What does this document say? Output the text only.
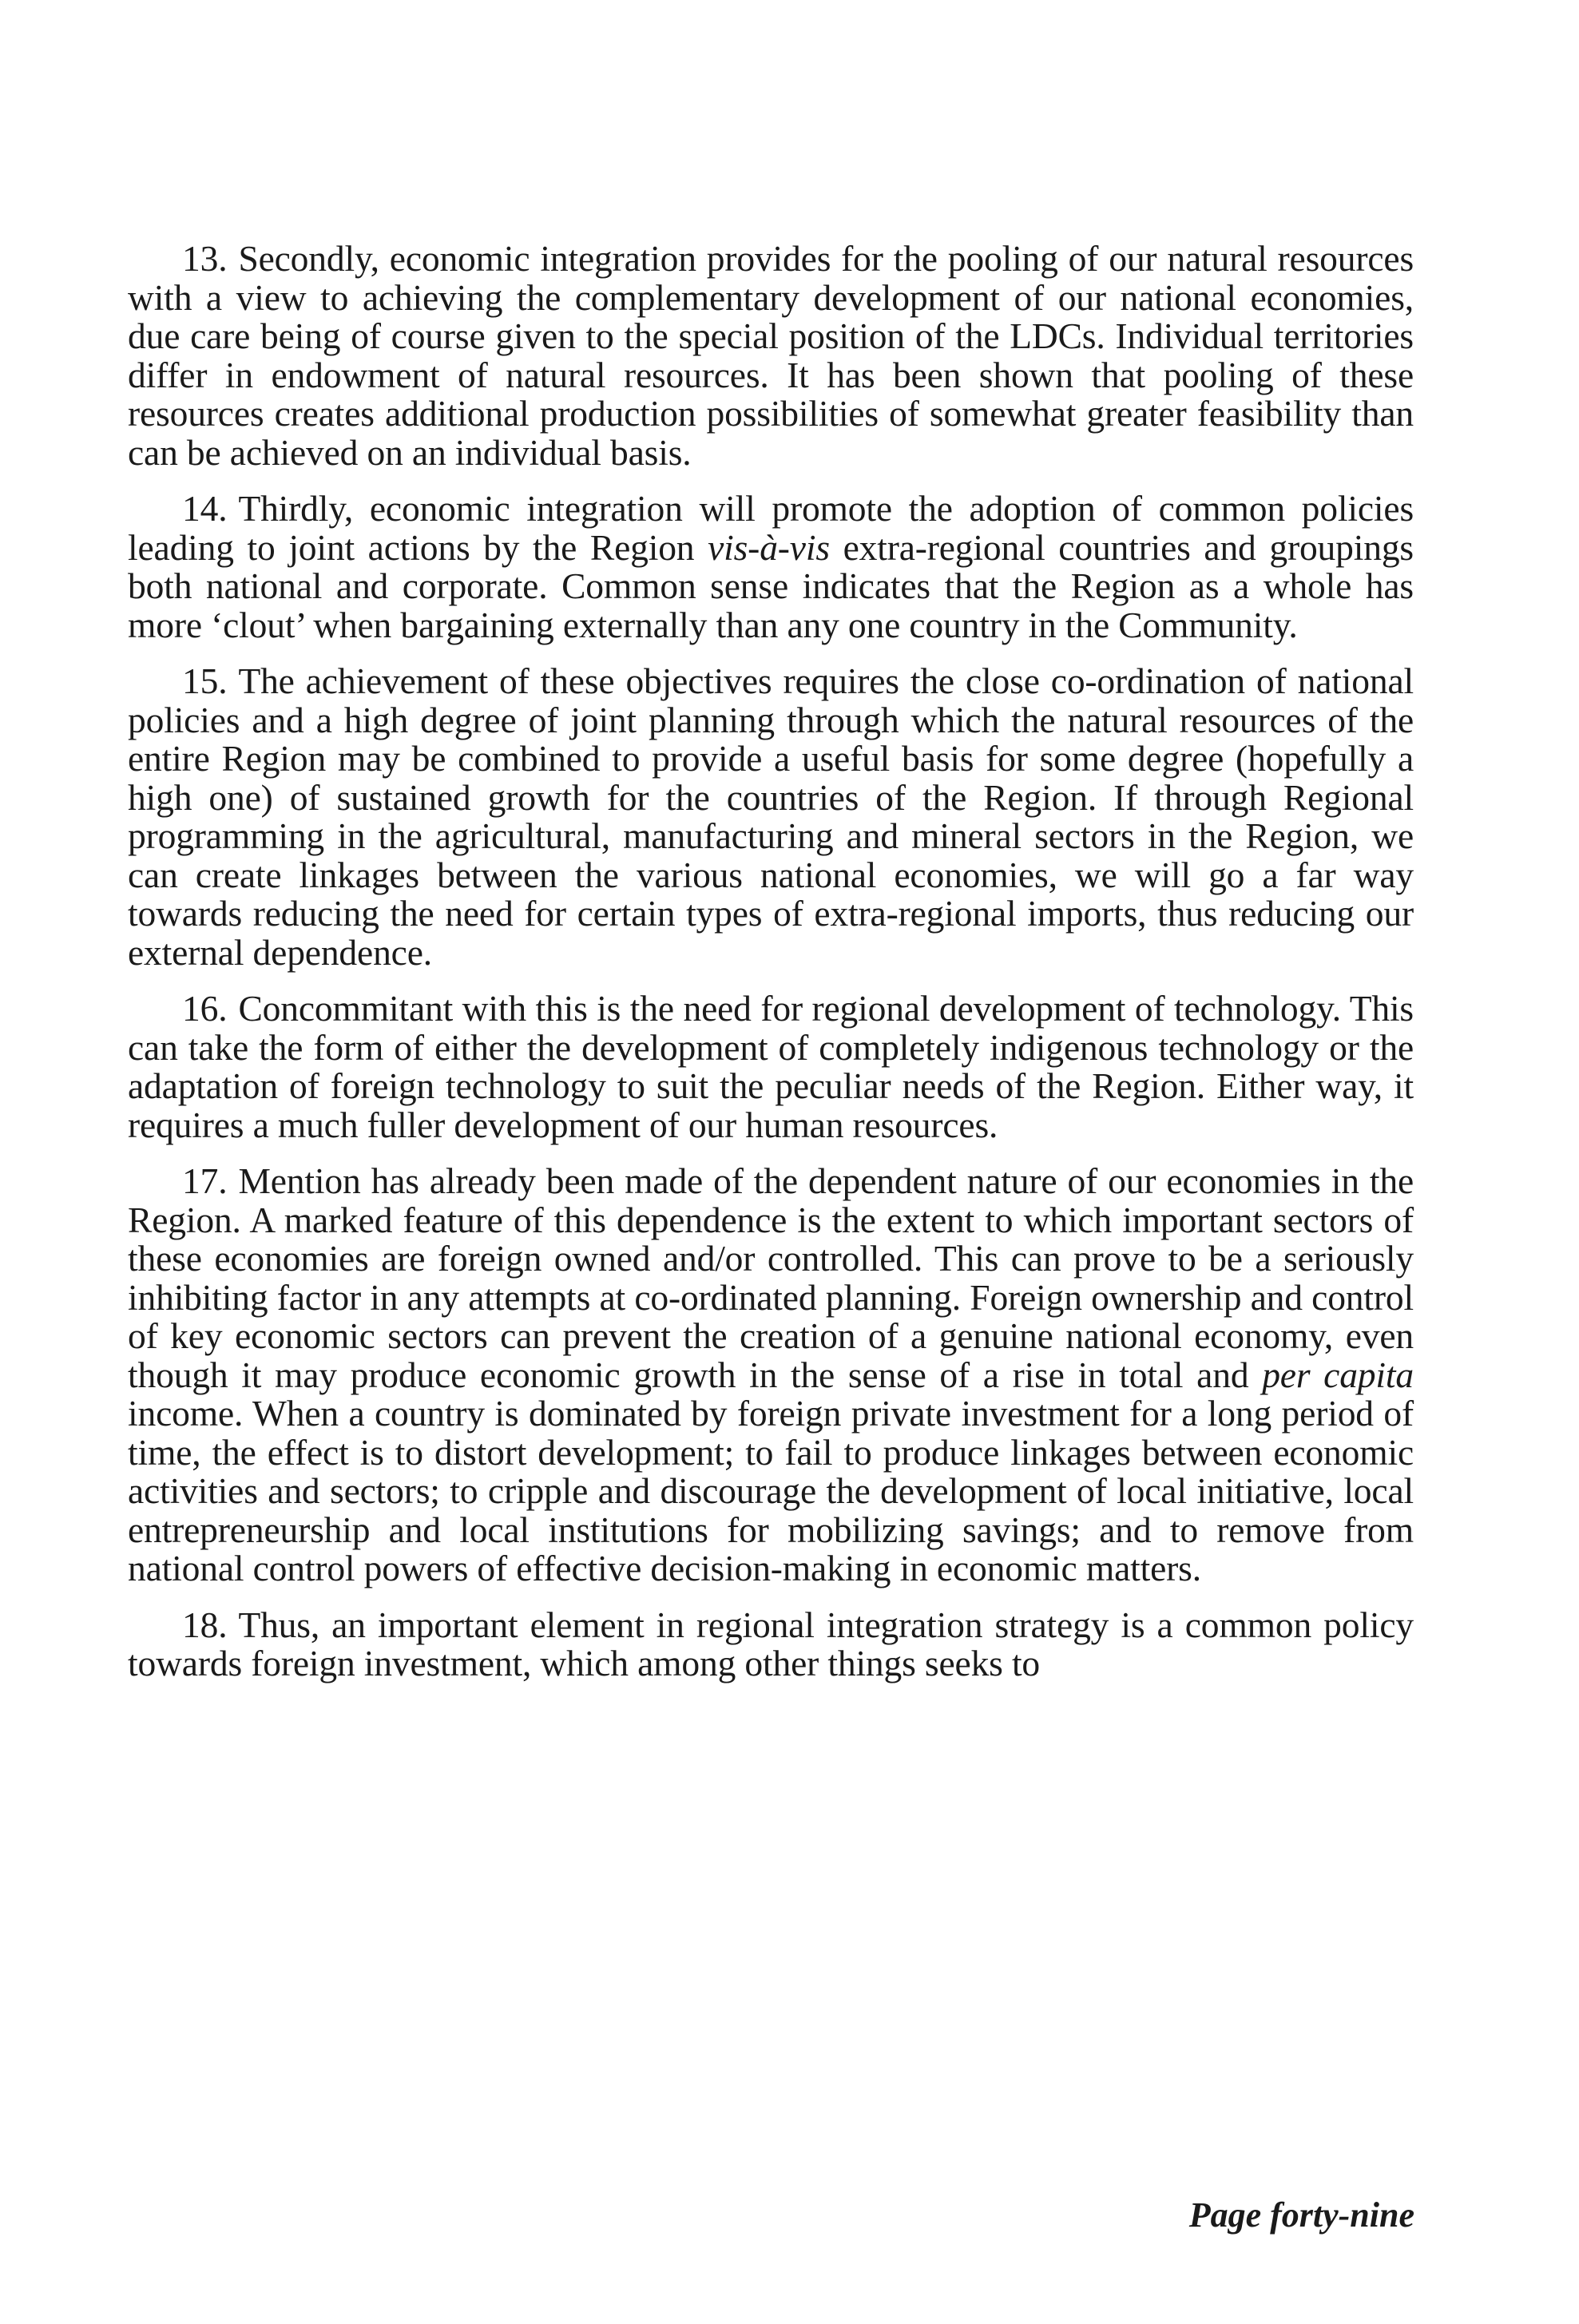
13. Secondly, economic integration provides for the pooling of our natural resources with a view to achieving the complementary development of our national economies, due care being of course given to the special position of the LDCs. Individual territories differ in endowment of natural resources. It has been shown that pooling of these resources creates additional production possibilities of somewhat greater feasibility than can be achieved on an individual basis.

14. Thirdly, economic integration will promote the adoption of common policies leading to joint actions by the Region vis-à-vis extra-regional countries and groupings both national and corporate. Common sense indicates that the Region as a whole has more ‘clout’ when bargaining externally than any one country in the Community.

15. The achievement of these objectives requires the close co-ordination of national policies and a high degree of joint planning through which the natural resources of the entire Region may be combined to provide a useful basis for some degree (hopefully a high one) of sustained growth for the countries of the Region. If through Regional programming in the agricultural, manufacturing and mineral sectors in the Region, we can create linkages between the various national economies, we will go a far way towards reducing the need for certain types of extra-regional imports, thus reducing our external dependence.

16. Concommitant with this is the need for regional development of technology. This can take the form of either the development of completely indigenous technology or the adaptation of foreign technology to suit the peculiar needs of the Region. Either way, it requires a much fuller development of our human resources.

17. Mention has already been made of the dependent nature of our economies in the Region. A marked feature of this dependence is the extent to which important sectors of these economies are foreign owned and/or controlled. This can prove to be a seriously inhibiting factor in any attempts at co-ordinated planning. Foreign ownership and control of key economic sectors can prevent the creation of a genuine national economy, even though it may produce economic growth in the sense of a rise in total and per capita income. When a country is dominated by foreign private investment for a long period of time, the effect is to distort development; to fail to produce linkages between economic activities and sectors; to cripple and discourage the development of local initiative, local entrepreneurship and local institutions for mobilizing savings; and to remove from national control powers of effective decision-making in economic matters.

18. Thus, an important element in regional integration strategy is a common policy towards foreign investment, which among other things seeks to

Page forty-nine
